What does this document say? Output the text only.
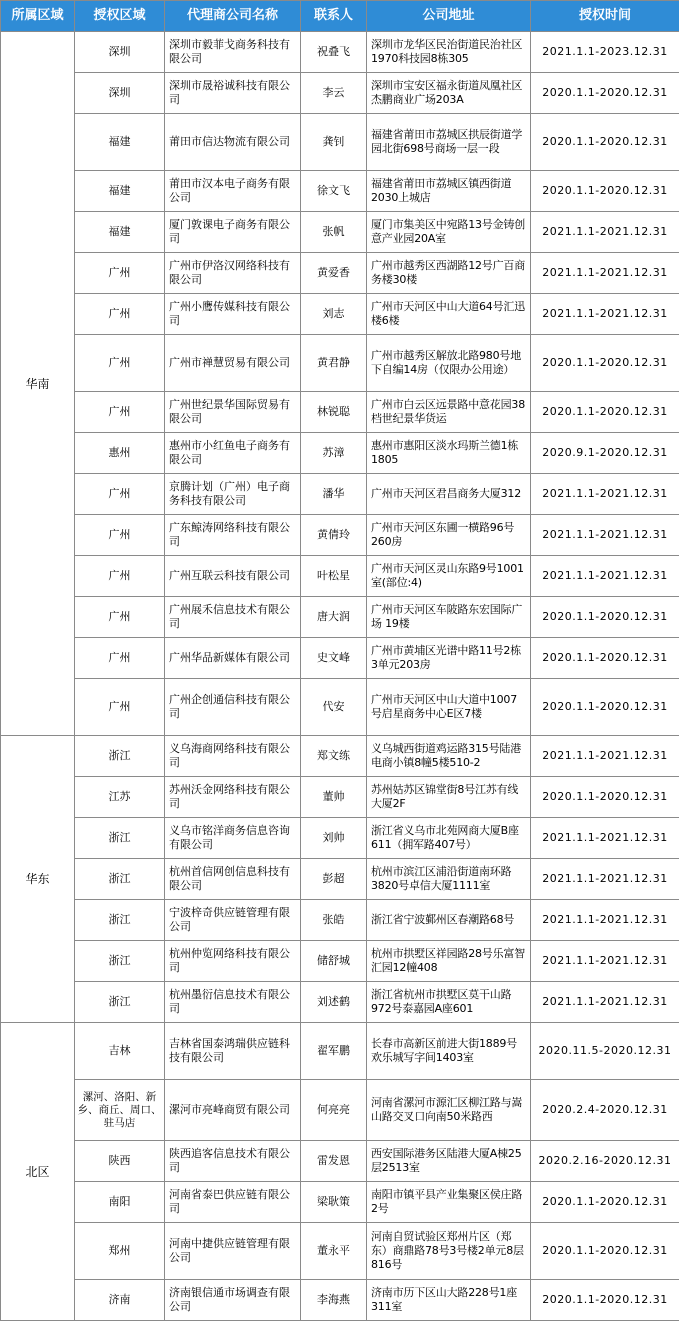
所属区域	授权区域	代理商公司名称	联系人	公司地址	授权时间
华南	深圳	深圳市毅菲戈商务科技有限公司	祝叠飞	深圳市龙华区民治街道民治社区1970科技园8栋305	2021.1.1-2023.12.31
	深圳	深圳市晟裕诚科技有限公司	李云	深圳市宝安区福永街道凤凰社区杰鹏商业广场203A	2020.1.1-2020.12.31
	福建	莆田市信达物流有限公司	龚钊	福建省莆田市荔城区拱辰街道学园北街698号商场一层一段	2020.1.1-2020.12.31
	福建	莆田市汉本电子商务有限公司	徐文飞	福建省莆田市荔城区镇西街道2030上城店	2020.1.1-2020.12.31
	福建	厦门敦课电子商务有限公司	张帆	厦门市集美区中宛路13号金铸创意产业园20A室	2021.1.1-2021.12.31
	广州	广州市伊洛汉网络科技有限公司	黄爱香	广州市越秀区西湖路12号广百商务楼30楼	2021.1.1-2021.12.31
	广州	广州小鹰传媒科技有限公司	刘志	广州市天河区中山大道64号汇迅楼6楼	2021.1.1-2021.12.31
	广州	广州市禅慧贸易有限公司	黄君静	广州市越秀区解放北路980号地下自编14房（仅限办公用途）	2020.1.1-2020.12.31
	广州	广州世纪景华国际贸易有限公司	林锐聪	广州市白云区远景路中意花园38档世纪景华货运	2020.1.1-2020.12.31
	惠州	惠州市小红鱼电子商务有限公司	苏漳	惠州市惠阳区淡水玛斯兰德1栋1805	2020.9.1-2020.12.31
	广州	京腾计划（广州）电子商务科技有限公司	潘华	广州市天河区君昌商务大厦312	2021.1.1-2021.12.31
	广州	广东鲸涛网络科技有限公司	黄倩玲	广州市天河区东圃一横路96号260房	2021.1.1-2021.12.31
	广州	广州互联云科技有限公司	叶松星	广州市天河区灵山东路9号1001室(部位:4)	2021.1.1-2021.12.31
	广州	广州展禾信息技术有限公司	唐大润	广州市天河区车陂路东宏国际广场 19楼	2020.1.1-2020.12.31
	广州	广州华品新媒体有限公司	史文峰	广州市黄埔区光谱中路11号2栋3单元203房	2020.1.1-2020.12.31
	广州	广州企创通信科技有限公司	代安	广州市天河区中山大道中1007号启星商务中心E区7楼	2020.1.1-2020.12.31
华东	浙江	义乌海商网络科技有限公司	郑文练	义乌城西街道鸡运路315号陆港电商小镇8幢5楼510-2	2021.1.1-2021.12.31
	江苏	苏州沃金网络科技有限公司	董帅	苏州姑苏区锦堂街8号江苏有线大厦2F	2020.1.1-2020.12.31
	浙江	义乌市铭洋商务信息咨询有限公司	刘帅	浙江省义乌市北苑网商大厦B座611（拥军路407号）	2021.1.1-2021.12.31
	浙江	杭州首信网创信息科技有限公司	彭超	杭州市滨江区浦沿街道南环路3820号卓信大厦1111室	2021.1.1-2021.12.31
	浙江	宁波梓奇供应链管理有限公司	张皓	浙江省宁波鄞州区春潮路68号	2021.1.1-2021.12.31
	浙江	杭州仲览网络科技有限公司	储舒城	杭州市拱墅区祥园路28号乐富智汇园12幢408	2021.1.1-2021.12.31
	浙江	杭州墨衍信息技术有限公司	刘述鹤	浙江省杭州市拱墅区莫干山路972号泰嘉园A座601	2021.1.1-2021.12.31
北区	吉林	吉林省国泰鸿瑞供应链科技有限公司	翟军鹏	长春市高新区前进大街1889号欢乐城写字间1403室	2020.11.5-2020.12.31
	漯河、洛阳、新乡、商丘、周口、驻马店	漯河市亮峰商贸有限公司	何亮亮	河南省漯河市源汇区柳江路与嵩山路交叉口向南50米路西	2020.2.4-2020.12.31
	陕西	陕西追客信息技术有限公司	雷发恩	西安国际港务区陆港大厦A棟25层2513室	2020.2.16-2020.12.31
	南阳	河南省泰巴供应链有限公司	梁耿策	南阳市镇平县产业集聚区侯庄路2号	2020.1.1-2020.12.31
	郑州	河南中捷供应链管理有限公司	董永平	河南自贸试验区郑州片区（郑东）商鼎路78号3号楼2单元8层816号	2020.1.1-2020.12.31
	济南	济南银信通市场调查有限公司	李海燕	济南市历下区山大路228号1座311室	2020.1.1-2020.12.31
